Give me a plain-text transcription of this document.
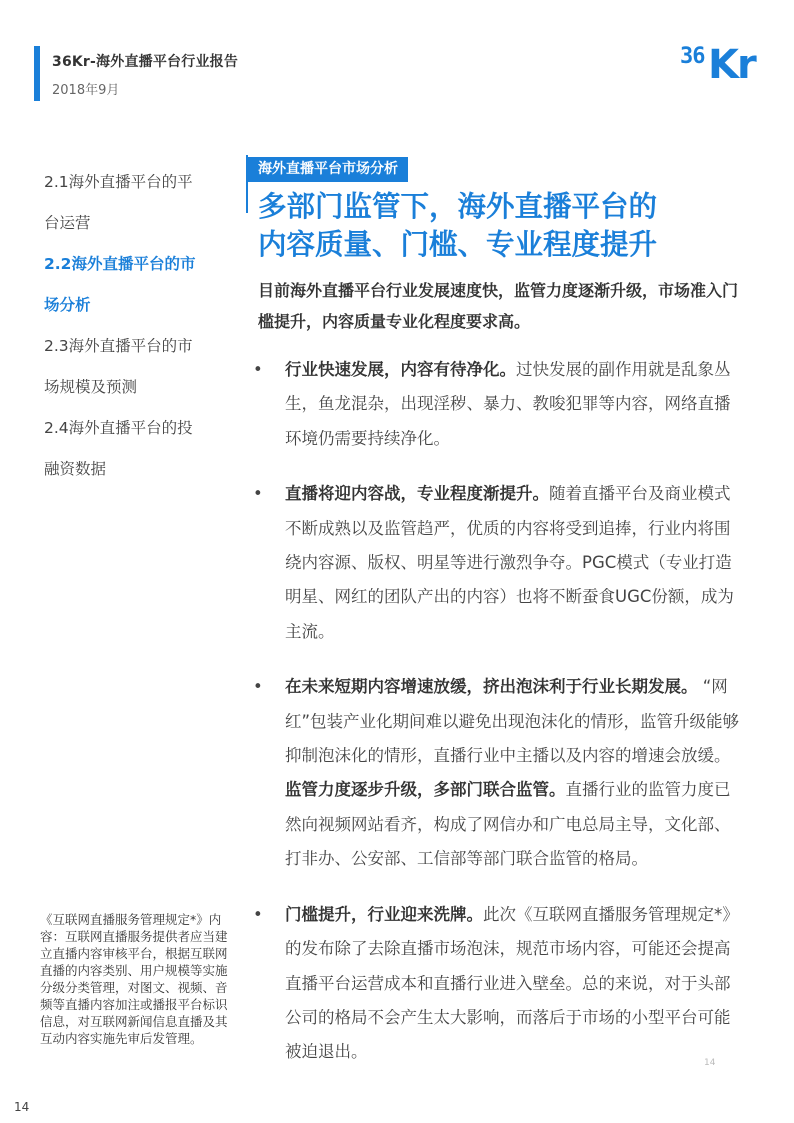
36Kr-海外直播平台行业报告
2018年9月
36 Kr
2.1海外直播平台的平
台运营
2.2海外直播平台的市
场分析
2.3海外直播平台的市
场规模及预测
2.4海外直播平台的投
融资数据
《互联网直播服务管理规定*》内容：互联网直播服务提供者应当建立直播内容审核平台，根据互联网直播的内容类别、用户规模等实施分级分类管理，对图文、视频、音频等直播内容加注或播报平台标识信息，对互联网新闻信息直播及其互动内容实施先审后发管理。
海外直播平台市场分析
多部门监管下，海外直播平台的
内容质量、门槛、专业程度提升
目前海外直播平台行业发展速度快，监管力度逐渐升级，市场准入门槛提升，内容质量专业化程度要求高。
• 行业快速发展，内容有待净化。过快发展的副作用就是乱象丛生，鱼龙混杂，出现淫秽、暴力、教唆犯罪等内容，网络直播环境仍需要持续净化。
• 直播将迎内容战，专业程度渐提升。随着直播平台及商业模式不断成熟以及监管趋严，优质的内容将受到追捧，行业内将围绕内容源、版权、明星等进行激烈争夺。PGC模式（专业打造明星、网红的团队产出的内容）也将不断蚕食UGC份额，成为主流。
• 在未来短期内容增速放缓，挤出泡沫利于行业长期发展。 “网红”包装产业化期间难以避免出现泡沫化的情形，监管升级能够抑制泡沫化的情形，直播行业中主播以及内容的增速会放缓。监管力度逐步升级，多部门联合监管。直播行业的监管力度已然向视频网站看齐，构成了网信办和广电总局主导，文化部、打非办、公安部、工信部等部门联合监管的格局。
• 门槛提升，行业迎来洗牌。此次《互联网直播服务管理规定*》的发布除了去除直播市场泡沫，规范市场内容，可能还会提高直播平台运营成本和直播行业进入壁垒。总的来说，对于头部公司的格局不会产生太大影响，而落后于市场的小型平台可能被迫退出。
14
14
